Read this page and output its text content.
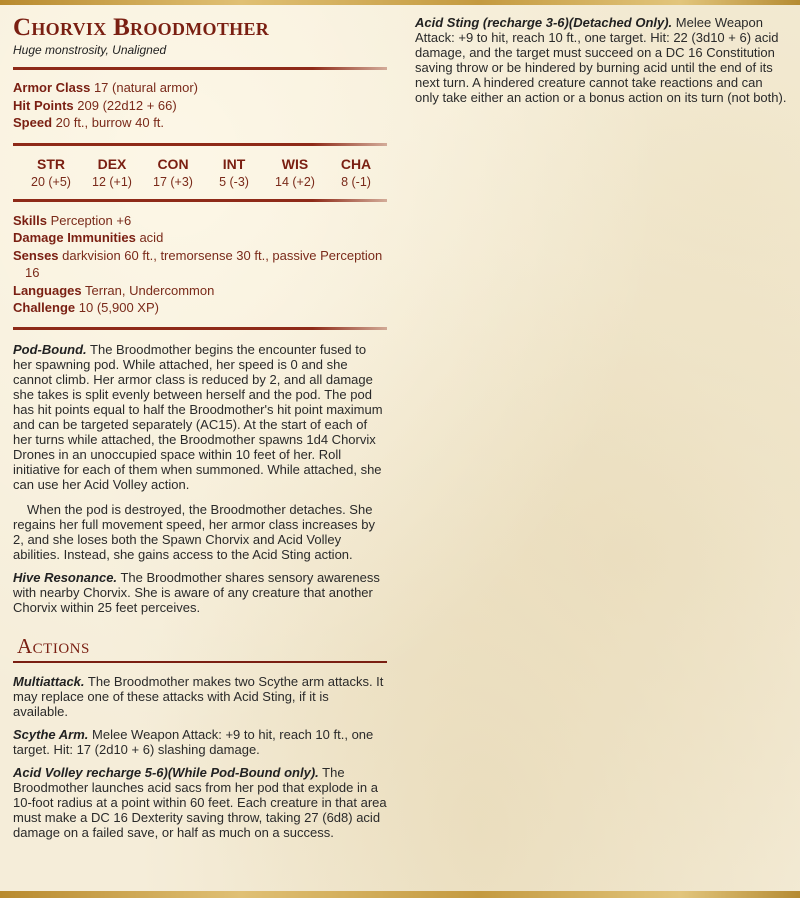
Chorvix Broodmother
Huge monstrosity, Unaligned
Armor Class 17 (natural armor)
Hit Points 209 (22d12 + 66)
Speed 20 ft., burrow 40 ft.
STR
20 (+5)
DEX
12 (+1)
CON
17 (+3)
INT
5 (-3)
WIS
14 (+2)
CHA
8 (-1)
Skills Perception +6
Damage Immunities acid
Senses darkvision 60 ft., tremorsense 30 ft., passive Perception 16
Languages Terran, Undercommon
Challenge 10 (5,900 XP)

Pod-Bound. The Broodmother begins the encounter fused to her spawning pod. While attached, her speed is 0 and she cannot climb. Her armor class is reduced by 2, and all damage she takes is split evenly between herself and the pod. The pod has hit points equal to half the Broodmother's hit point maximum and can be targeted separately (AC15). At the start of each of her turns while attached, the Broodmother spawns 1d4 Chorvix Drones in an unoccupied space within 10 feet of her. Roll initiative for each of them when summoned. While attached, she can use her Acid Volley action.

When the pod is destroyed, the Broodmother detaches. She regains her full movement speed, her armor class increases by 2, and she loses both the Spawn Chorvix and Acid Volley abilities. Instead, she gains access to the Acid Sting action.

Hive Resonance. The Broodmother shares sensory awareness with nearby Chorvix. She is aware of any creature that another Chorvix within 25 feet perceives.

Actions

Multiattack. The Broodmother makes two Scythe arm attacks. It may replace one of these attacks with Acid Sting, if it is available.

Scythe Arm. Melee Weapon Attack: +9 to hit, reach 10 ft., one target. Hit: 17 (2d10 + 6) slashing damage.

Acid Volley recharge 5-6)(While Pod-Bound only). The Broodmother launches acid sacs from her pod that explode in a 10-foot radius at a point within 60 feet. Each creature in that area must make a DC 16 Dexterity saving throw, taking 27 (6d8) acid damage on a failed save, or half as much on a success.

Acid Sting (recharge 3-6)(Detached Only). Melee Weapon Attack: +9 to hit, reach 10 ft., one target. Hit: 22 (3d10 + 6) acid damage, and the target must succeed on a DC 16 Constitution saving throw or be hindered by burning acid until the end of its next turn. A hindered creature cannot take reactions and can only take either an action or a bonus action on its turn (not both).
